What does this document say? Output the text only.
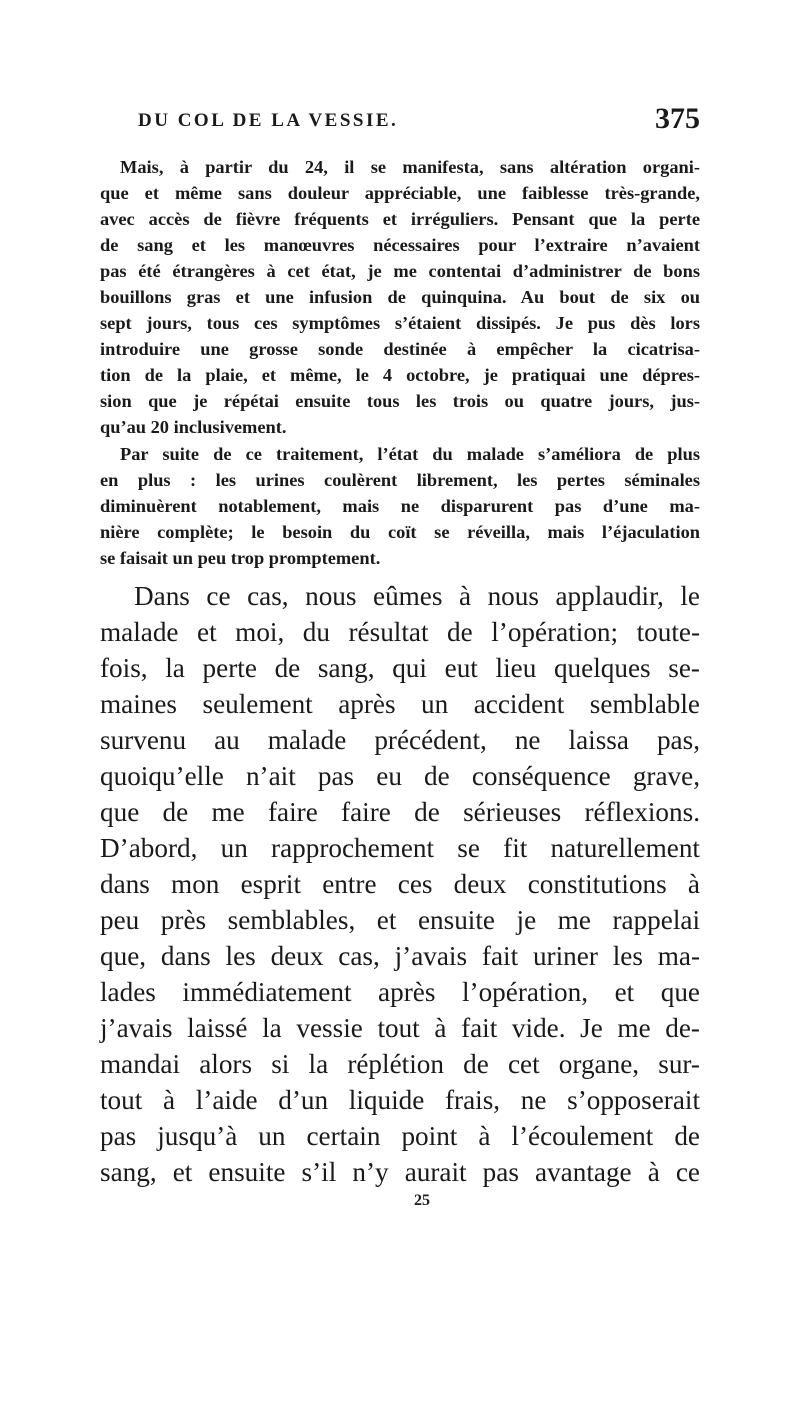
DU COL DE LA VESSIE.	375
Mais, à partir du 24, il se manifesta, sans altération organi-
que et même sans douleur appréciable, une faiblesse très-grande,
avec accès de fièvre fréquents et irréguliers. Pensant que la perte
de sang et les manœuvres nécessaires pour l’extraire n’avaient
pas été étrangères à cet état, je me contentai d’administrer de bons
bouillons gras et une infusion de quinquina. Au bout de six ou
sept jours, tous ces symptômes s’étaient dissipés. Je pus dès lors
introduire une grosse sonde destinée à empêcher la cicatrisa-
tion de la plaie, et même, le 4 octobre, je pratiquai une dépres-
sion que je répétai ensuite tous les trois ou quatre jours, jus-
qu’au 20 inclusivement.
Par suite de ce traitement, l’état du malade s’améliora de plus
en plus : les urines coulèrent librement, les pertes séminales
diminuèrent notablement, mais ne disparurent pas d’une ma-
nière complète; le besoin du coït se réveilla, mais l’éjaculation
se faisait un peu trop promptement.
Dans ce cas, nous eûmes à nous applaudir, le
malade et moi, du résultat de l’opération; toute-
fois, la perte de sang, qui eut lieu quelques se-
maines seulement après un accident semblable
survenu au malade précédent, ne laissa pas,
quoiqu’elle n’ait pas eu de conséquence grave,
que de me faire faire de sérieuses réflexions.
D’abord, un rapprochement se fit naturellement
dans mon esprit entre ces deux constitutions à
peu près semblables, et ensuite je me rappelai
que, dans les deux cas, j’avais fait uriner les ma-
lades immédiatement après l’opération, et que
j’avais laissé la vessie tout à fait vide. Je me de-
mandai alors si la réplétion de cet organe, sur-
tout à l’aide d’un liquide frais, ne s’opposerait
pas jusqu’à un certain point à l’écoulement de
sang, et ensuite s’il n’y aurait pas avantage à ce
25
